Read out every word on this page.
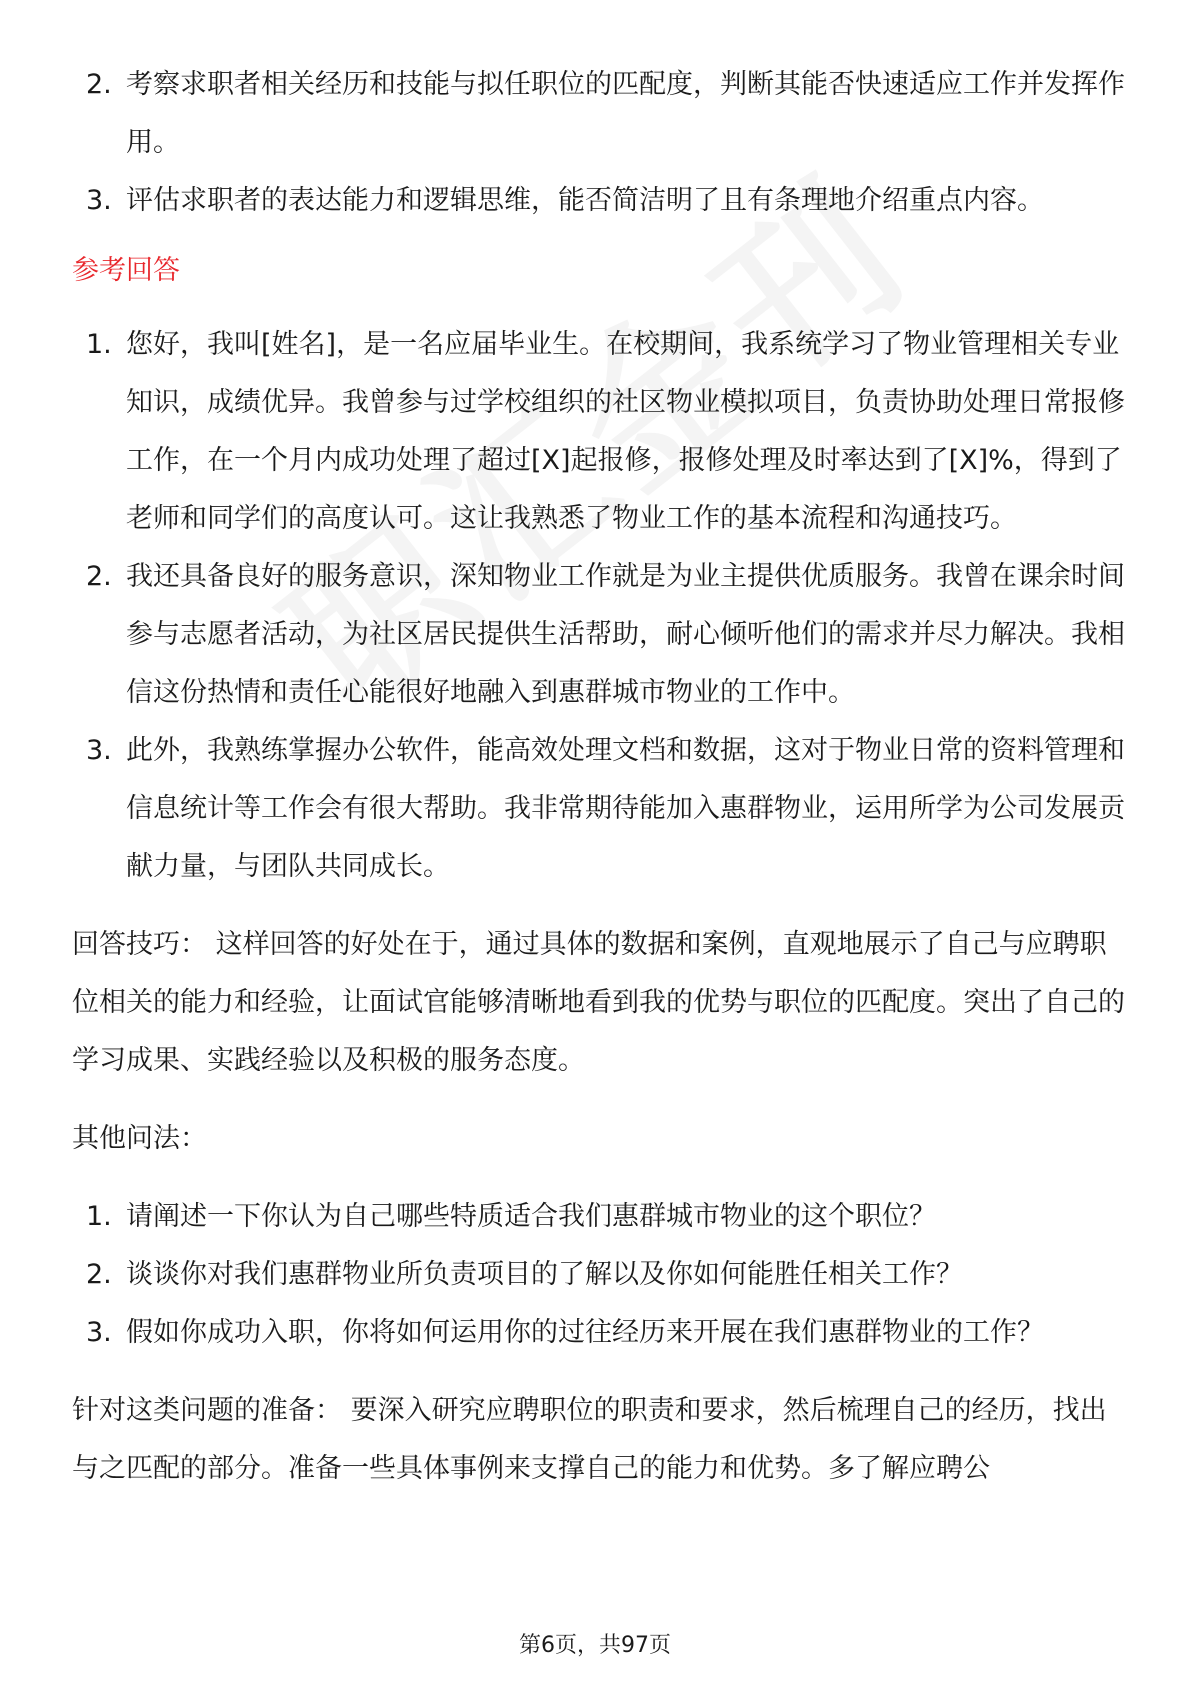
2. 考察求职者相关经历和技能与拟任职位的匹配度，判断其能否快速适应工作并发挥作用。
3. 评估求职者的表达能力和逻辑思维，能否简洁明了且有条理地介绍重点内容。
参考回答
1. 您好，我叫[姓名]，是一名应届毕业生。在校期间，我系统学习了物业管理相关专业知识，成绩优异。我曾参与过学校组织的社区物业模拟项目，负责协助处理日常报修工作，在一个月内成功处理了超过[X]起报修，报修处理及时率达到了[X]%，得到了老师和同学们的高度认可。这让我熟悉了物业工作的基本流程和沟通技巧。
2. 我还具备良好的服务意识，深知物业工作就是为业主提供优质服务。我曾在课余时间参与志愿者活动，为社区居民提供生活帮助，耐心倾听他们的需求并尽力解决。我相信这份热情和责任心能很好地融入到惠群城市物业的工作中。
3. 此外，我熟练掌握办公软件，能高效处理文档和数据，这对于物业日常的资料管理和信息统计等工作会有很大帮助。我非常期待能加入惠群物业，运用所学为公司发展贡献力量，与团队共同成长。
回答技巧： 这样回答的好处在于，通过具体的数据和案例，直观地展示了自己与应聘职位相关的能力和经验，让面试官能够清晰地看到我的优势与职位的匹配度。突出了自己的学习成果、实践经验以及积极的服务态度。
其他问法：
1. 请阐述一下你认为自己哪些特质适合我们惠群城市物业的这个职位？
2. 谈谈你对我们惠群物业所负责项目的了解以及你如何能胜任相关工作？
3. 假如你成功入职，你将如何运用你的过往经历来开展在我们惠群物业的工作？
针对这类问题的准备： 要深入研究应聘职位的职责和要求，然后梳理自己的经历，找出与之匹配的部分。准备一些具体事例来支撑自己的能力和优势。多了解应聘公
第6页，共97页
